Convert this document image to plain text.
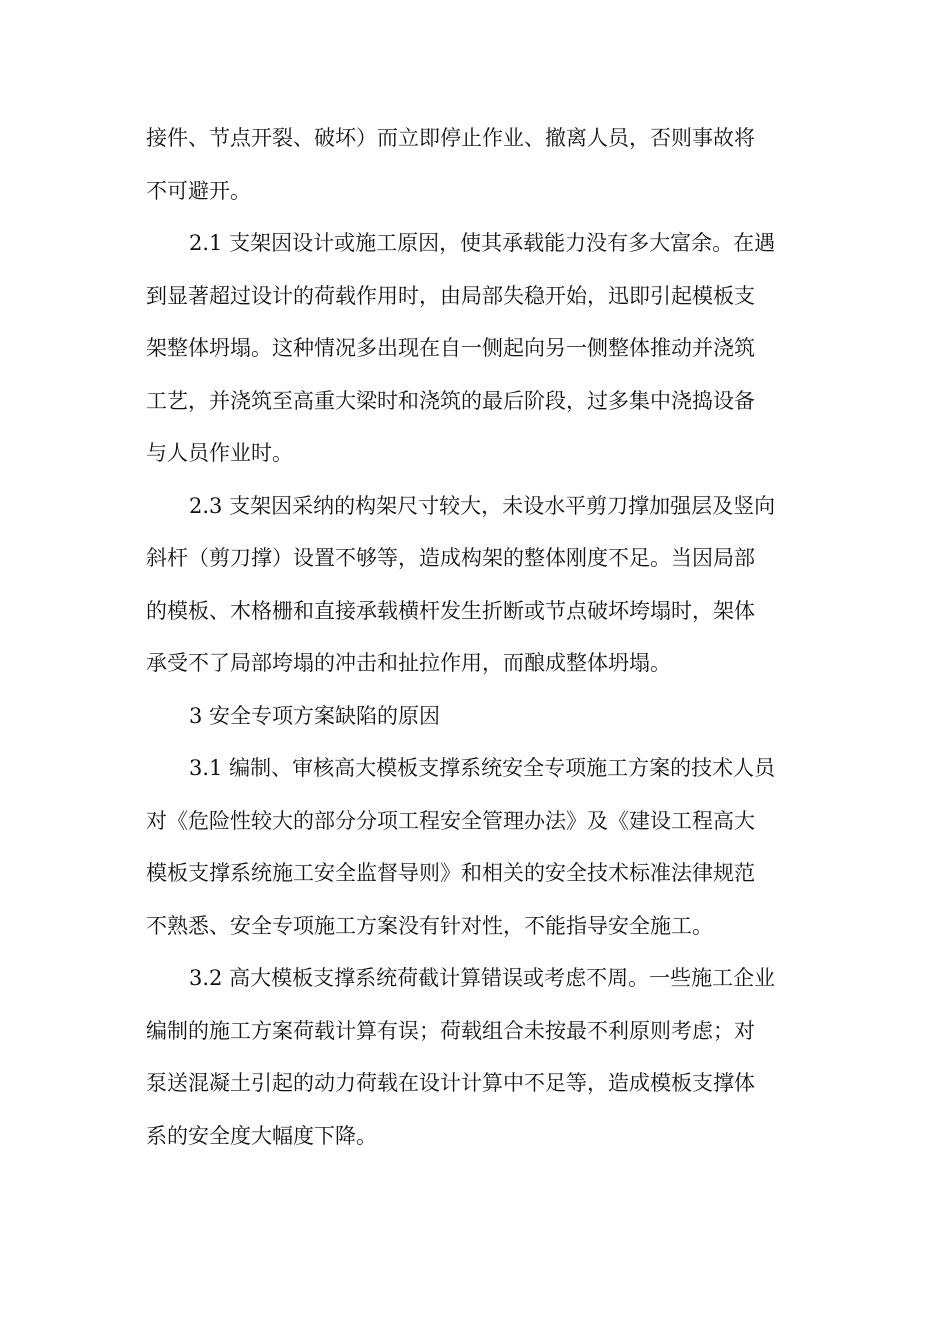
接件、节点开裂、破坏）而立即停止作业、撤离人员，否则事故将
不可避开。
2.1 支架因设计或施工原因，使其承载能力没有多大富余。在遇
到显著超过设计的荷载作用时，由局部失稳开始，迅即引起模板支
架整体坍塌。这种情况多出现在自一侧起向另一侧整体推动并浇筑
工艺，并浇筑至高重大梁时和浇筑的最后阶段，过多集中浇捣设备
与人员作业时。
2.3 支架因采纳的构架尺寸较大，未设水平剪刀撑加强层及竖向
斜杆（剪刀撑）设置不够等，造成构架的整体刚度不足。当因局部
的模板、木格栅和直接承载横杆发生折断或节点破坏垮塌时，架体
承受不了局部垮塌的冲击和扯拉作用，而酿成整体坍塌。
3 安全专项方案缺陷的原因
3.1 编制、审核高大模板支撑系统安全专项施工方案的技术人员
对《危险性较大的部分分项工程安全管理办法》及《建设工程高大
模板支撑系统施工安全监督导则》和相关的安全技术标准法律规范
不熟悉、安全专项施工方案没有针对性，不能指导安全施工。
3.2 高大模板支撑系统荷截计算错误或考虑不周。一些施工企业
编制的施工方案荷载计算有误；荷载组合未按最不利原则考虑；对
泵送混凝土引起的动力荷载在设计计算中不足等，造成模板支撑体
系的安全度大幅度下降。
